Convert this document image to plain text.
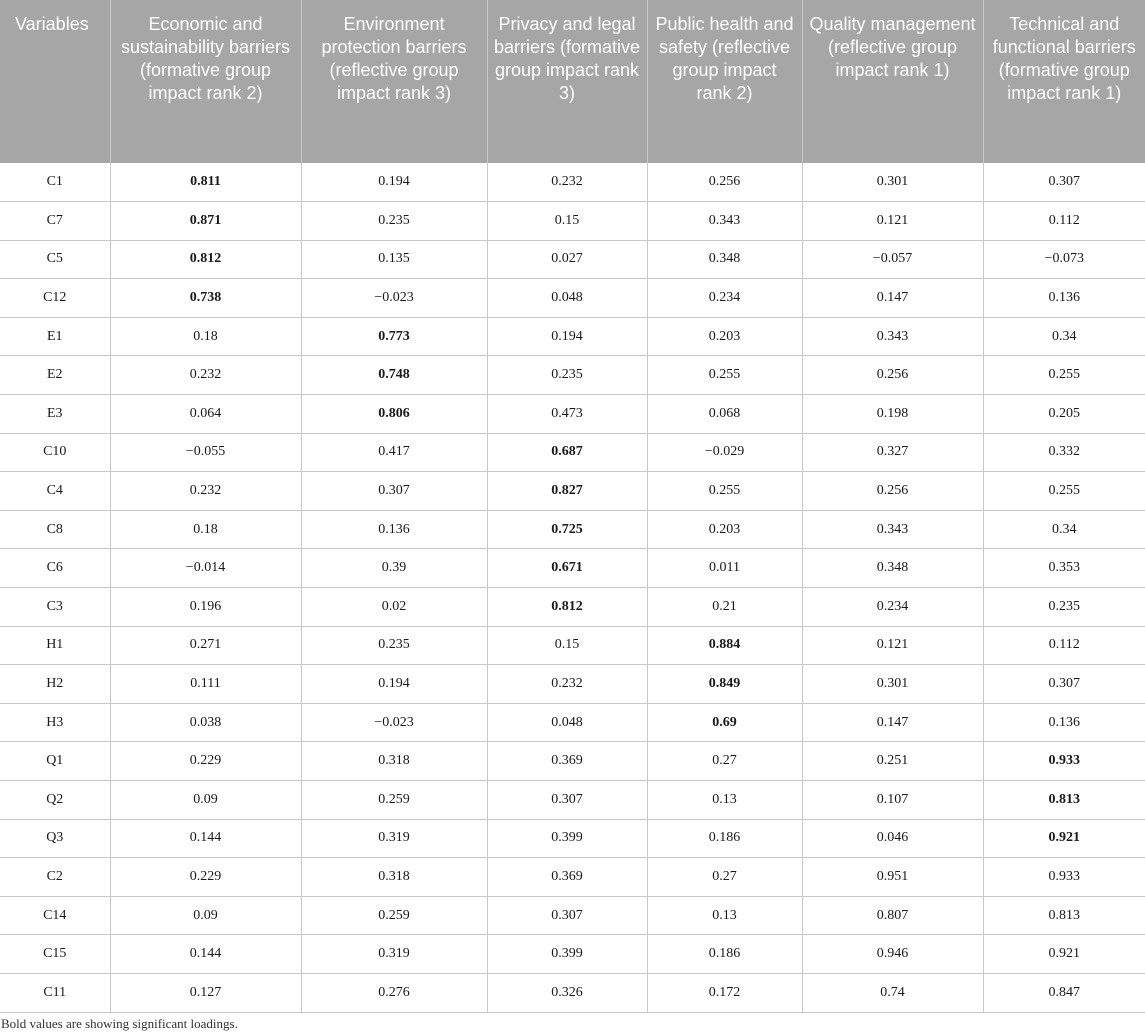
Variables	Economic and sustainability barriers (formative group impact rank 2)	Environment protection barriers (reflective group impact rank 3)	Privacy and legal barriers (formative group impact rank 3)	Public health and safety (reflective group impact rank 2)	Quality management (reflective group impact rank 1)	Technical and functional barriers (formative group impact rank 1)

C1	0.811	0.194	0.232	0.256	0.301	0.307
C7	0.871	0.235	0.15	0.343	0.121	0.112
C5	0.812	0.135	0.027	0.348	−0.057	−0.073
C12	0.738	−0.023	0.048	0.234	0.147	0.136
E1	0.18	0.773	0.194	0.203	0.343	0.34
E2	0.232	0.748	0.235	0.255	0.256	0.255
E3	0.064	0.806	0.473	0.068	0.198	0.205
C10	−0.055	0.417	0.687	−0.029	0.327	0.332
C4	0.232	0.307	0.827	0.255	0.256	0.255
C8	0.18	0.136	0.725	0.203	0.343	0.34
C6	−0.014	0.39	0.671	0.011	0.348	0.353
C3	0.196	0.02	0.812	0.21	0.234	0.235
H1	0.271	0.235	0.15	0.884	0.121	0.112
H2	0.111	0.194	0.232	0.849	0.301	0.307
H3	0.038	−0.023	0.048	0.69	0.147	0.136
Q1	0.229	0.318	0.369	0.27	0.251	0.933
Q2	0.09	0.259	0.307	0.13	0.107	0.813
Q3	0.144	0.319	0.399	0.186	0.046	0.921
C2	0.229	0.318	0.369	0.27	0.951	0.933
C14	0.09	0.259	0.307	0.13	0.807	0.813
C15	0.144	0.319	0.399	0.186	0.946	0.921
C11	0.127	0.276	0.326	0.172	0.74	0.847
Bold values are showing significant loadings.
